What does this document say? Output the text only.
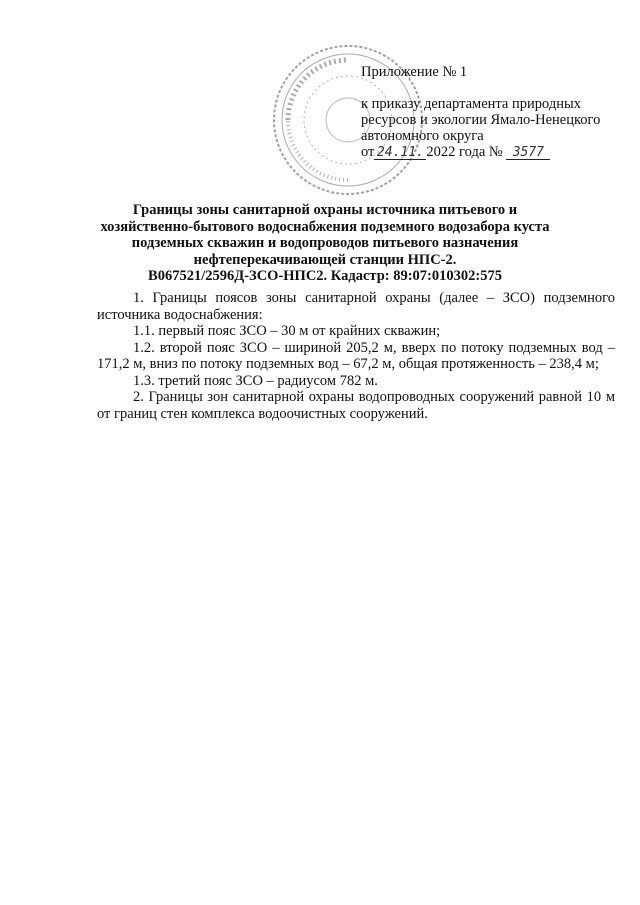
Приложение № 1
к приказу департамента природных
ресурсов и экологии Ямало-Ненецкого
автономного округа
от 24.11. 2022 года № 3577
Границы зоны санитарной охраны источника питьевого и
хозяйственно-бытового водоснабжения подземного водозабора куста
подземных скважин и водопроводов питьевого назначения
нефтеперекачивающей станции НПС-2.
В067521/2596Д-ЗСО-НПС2. Кадастр: 89:07:010302:575

1. Границы поясов зоны санитарной охраны (далее – ЗСО) подземного источника водоснабжения:

1.1. первый пояс ЗСО – 30 м от крайних скважин;

1.2. второй пояс ЗСО – шириной 205,2 м, вверх по потоку подземных вод – 171,2 м, вниз по потоку подземных вод – 67,2 м, общая протяженность – 238,4 м;

1.3. третий пояс ЗСО – радиусом 782 м.

2. Границы зон санитарной охраны водопроводных сооружений равной 10 м от границ стен комплекса водоочистных сооружений.
